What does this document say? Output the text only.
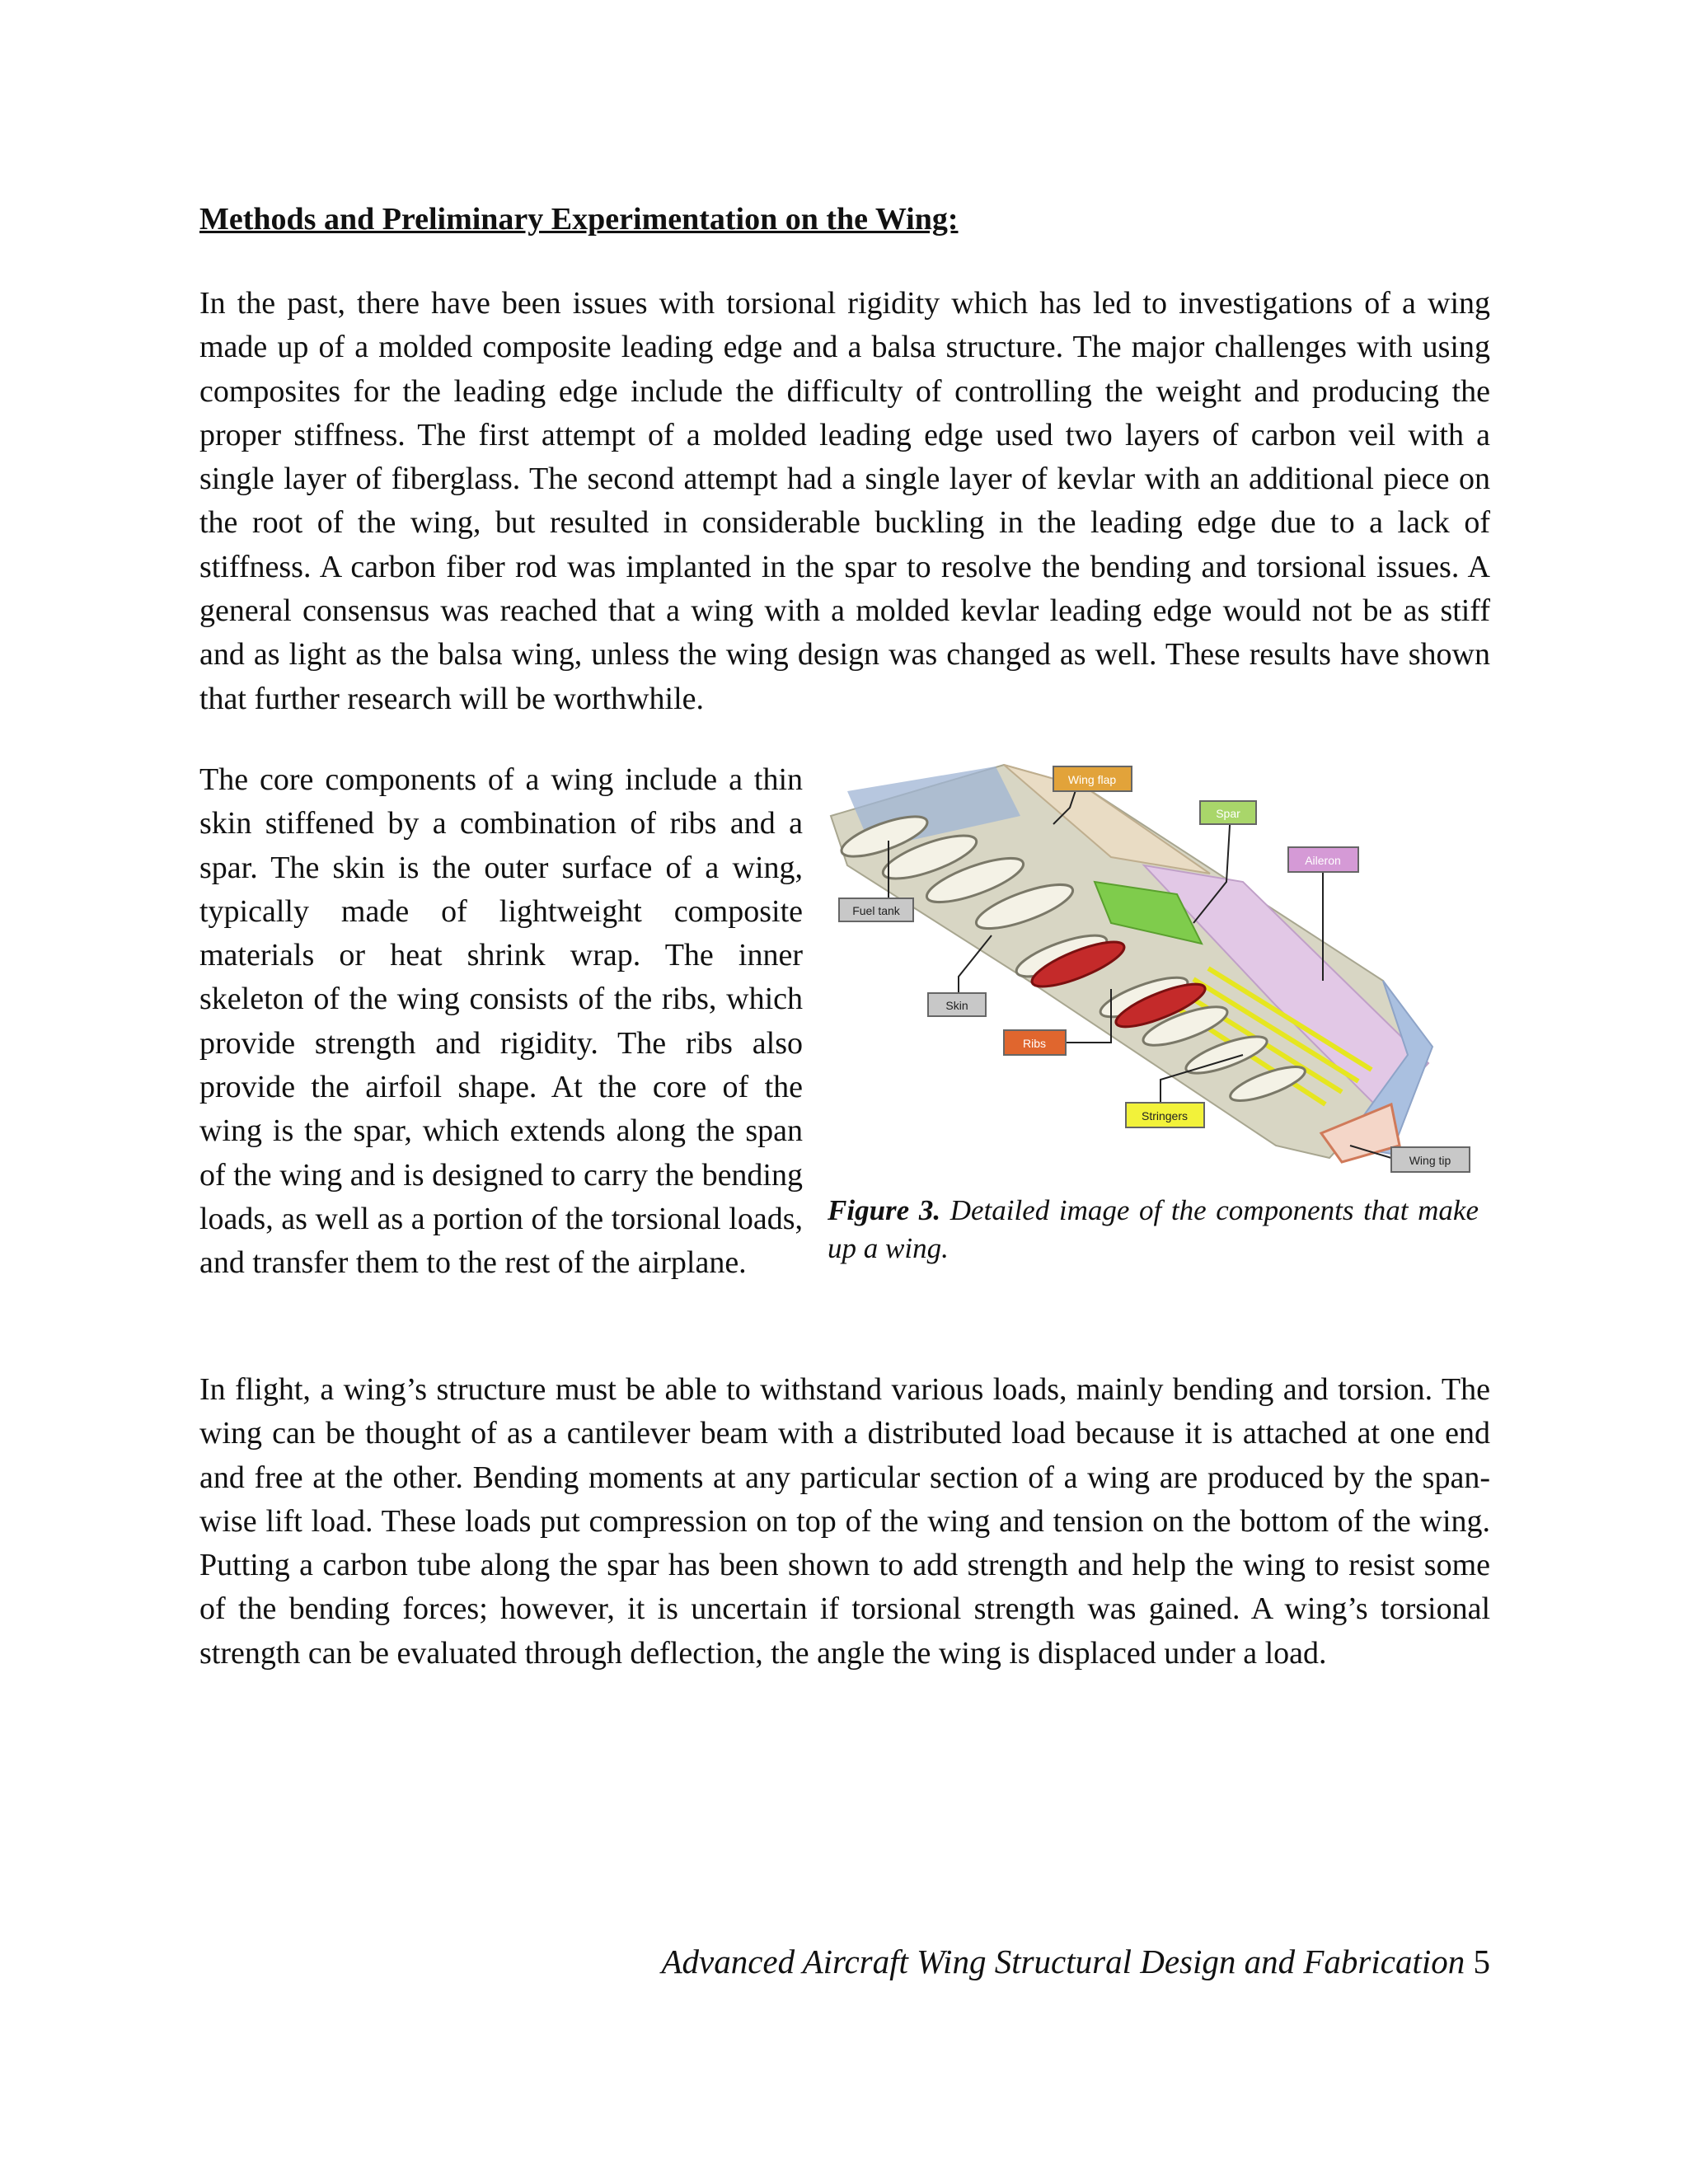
Methods and Preliminary Experimentation on the Wing:

In the past, there have been issues with torsional rigidity which has led to investigations of a wing made up of a molded composite leading edge and a balsa structure. The major challenges with using composites for the leading edge include the difficulty of controlling the weight and producing the proper stiffness. The first attempt of a molded leading edge used two layers of carbon veil with a single layer of fiberglass. The second attempt had a single layer of kevlar with an additional piece on the root of the wing, but resulted in considerable buckling in the leading edge due to a lack of stiffness. A carbon fiber rod was implanted in the spar to resolve the bending and torsional issues. A general consensus was reached that a wing with a molded kevlar leading edge would not be as stiff and as light as the balsa wing, unless the wing design was changed as well. These results have shown that further research will be worthwhile.

Wing flap
Spar
Aileron
Fuel tank
Skin
Ribs
Stringers
Wing tip
Figure 3. Detailed image of the components that make up a wing.
The core components of a wing include a thin skin stiffened by a combination of ribs and a spar. The skin is the outer surface of a wing, typically made of lightweight composite materials or heat shrink wrap. The inner skeleton of the wing consists of the ribs, which provide strength and rigidity. The ribs also provide the airfoil shape. At the core of the wing is the spar, which extends along the span of the wing and is designed to carry the bending loads, as well as a portion of the torsional loads, and transfer them to the rest of the airplane.

In flight, a wing’s structure must be able to withstand various loads, mainly bending and torsion. The wing can be thought of as a cantilever beam with a distributed load because it is attached at one end and free at the other. Bending moments at any particular section of a wing are produced by the span-wise lift load. These loads put compression on top of the wing and tension on the bottom of the wing. Putting a carbon tube along the spar has been shown to add strength and help the wing to resist some of the bending forces; however, it is uncertain if torsional strength was gained. A wing’s torsional strength can be evaluated through deflection, the angle the wing is displaced under a load.

Advanced Aircraft Wing Structural Design and Fabrication 5
